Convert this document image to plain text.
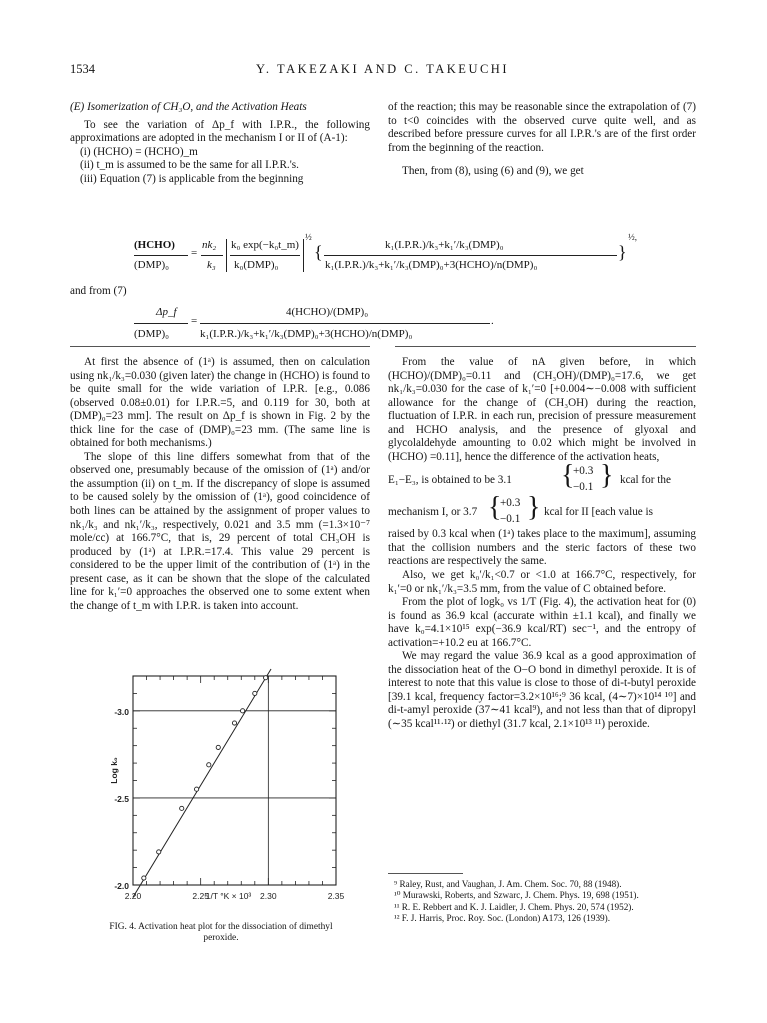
1534	Y. TAKEZAKI AND C. TAKEUCHI

(E) Isomerization of CH₃O, and the Activation Heats

To see the variation of Δp_f with I.P.R., the following approximations are adopted in the mechanism I or II of (A-1):

(i) (HCHO) = (HCHO)_m

(ii) t_m is assumed to be the same for all I.P.R.'s.

(iii) Equation (7) is applicable from the beginning

of the reaction; this may be reasonable since the extrapolation of (7) to t<0 coincides with the observed curve quite well, and as described before pressure curves for all I.P.R.'s are of the first order from the beginning of the reaction.

Then, from (8), using (6) and (9), we get

(HCHO)
(DMP)₀
=
nk₂
k₃
k₀ exp(−k₀t_m)
k₀(DMP)₀
½
{	k₁(I.P.R.)/k₃+k₁′/k₃(DMP)₀
k₁(I.P.R.)/k₃+k₁′/k₃(DMP)₀+3(HCHO)/n(DMP)₀
}
½,
and from (7)
Δp_f
(DMP)₀
=
4(HCHO)/(DMP)₀
k₁(I.P.R.)/k₃+k₁′/k₃(DMP)₀+3(HCHO)/n(DMP)₀
.

At first the absence of (1ᵃ) is assumed, then on calculation using nk₁/k₃=0.030 (given later) the change in (HCHO) is found to be quite small for the wide variation of I.P.R. [e.g., 0.086 (observed 0.08±0.01) for I.P.R.=5, and 0.119 for 30, both at (DMP)₀=23 mm]. The result on Δp_f is shown in Fig. 2 by the thick line for the case of (DMP)₀=23 mm. (The same line is obtained for both mechanisms.)

The slope of this line differs somewhat from that of the observed one, presumably because of the omission of (1ᵃ) and/or the assumption (ii) on t_m. If the discrepancy of slope is assumed to be caused solely by the omission of (1ᵃ), good coincidence of both lines can be attained by the assignment of proper values to nk₁/k₃ and nk₁′/k₃, respectively, 0.021 and 3.5 mm (=1.3×10⁻⁷ mole/cc) at 166.7°C, that is, 29 percent of total CH₃OH is produced by (1ᵃ) at I.P.R.=17.4. This value 29 percent is considered to be the upper limit of the contribution of (1ᵃ) in the present case, as it can be shown that the slope of the calculated line for k₁′=0 approaches the observed one to some extent when the change of t_m with I.P.R. is taken into account.

From the value of nA given before, in which (HCHO)/(DMP)₀=0.11 and (CH₃OH)/(DMP)₀=17.6, we get nk₁/k₃=0.030 for the case of k₁′=0 [+0.004∼−0.008 with sufficient allowance for the change of (CH₃OH) during the reaction, fluctuation of I.P.R. in each run, precision of pressure measurement and HCHO analysis, and the presence of glyoxal and glycolaldehyde amounting to 0.02 which might be involved in (HCHO) =0.11], hence the difference of the activation heats,

E₁−E₃, is obtained to be 3.1 {
+0.3
−0.1 } kcal for the
mechanism I, or 3.7 {
+0.3
−0.1 } kcal for II [each value is

raised by 0.3 kcal when (1ᵃ) takes place to the maximum], assuming that the collision numbers and the steric factors of these two reactions are respectively the same.

Also, we get k₀′/k₁<0.7 or <1.0 at 166.7°C, respectively, for k₁′=0 or nk₁′/k₃=3.5 mm, from the value of C obtained before.

From the plot of logk₀ vs 1/T (Fig. 4), the activation heat for (0) is found as 36.9 kcal (accurate within ±1.1 kcal), and finally we have k₀=4.1×10¹⁵ exp(−36.9 kcal/RT) sec⁻¹, and the entropy of activation=+10.2 eu at 166.7°C.

We may regard the value 36.9 kcal as a good approximation of the dissociation heat of the O−O bond in dimethyl peroxide. It is of interest to note that this value is close to those of di-t-butyl peroxide [39.1 kcal, frequency factor=3.2×10¹⁶;⁹ 36 kcal, (4∼7)×10¹⁴ ¹⁰] and di-t-amyl peroxide (37∼41 kcal⁹), and not less than that of dipropyl (∼35 kcal¹¹·¹²) or diethyl (31.7 kcal, 2.1×10¹³ ¹¹) peroxide.

⁹ Raley, Rust, and Vaughan, J. Am. Chem. Soc. 70, 88 (1948).

¹⁰ Murawski, Roberts, and Szwarc, J. Chem. Phys. 19, 698 (1951).

¹¹ R. E. Rebbert and K. J. Laidler, J. Chem. Phys. 20, 574 (1952).

¹² F. J. Harris, Proc. Roy. Soc. (London) A173, 126 (1939).

2.20	2.25	2.30	2.35
-2.0
-2.5
-3.0
Log k₀
1/T °K × 10³
FIG. 4. Activation heat plot for the dissociation of dimethyl peroxide.
